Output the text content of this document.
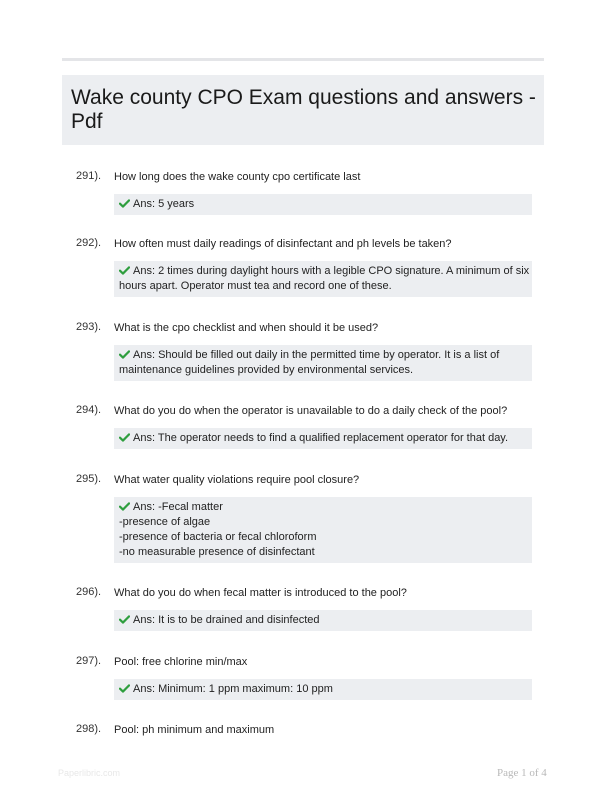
Wake county CPO Exam questions and answers - Pdf
291). How long does the wake county cpo certificate last
Ans: 5 years
292). How often must daily readings of disinfectant and ph levels be taken?
Ans: 2 times during daylight hours with a legible CPO signature. A minimum of six
hours apart. Operator must tea and record one of these.
293). What is the cpo checklist and when should it be used?
Ans: Should be filled out daily in the permitted time by operator. It is a list of
maintenance guidelines provided by environmental services.
294). What do you do when the operator is unavailable to do a daily check of the pool?
Ans: The operator needs to find a qualified replacement operator for that day.
295). What water quality violations require pool closure?
Ans: -Fecal matter
-presence of algae
-presence of bacteria or fecal chloroform
-no measurable presence of disinfectant
296). What do you do when fecal matter is introduced to the pool?
Ans: It is to be drained and disinfected
297). Pool: free chlorine min/max
Ans: Minimum: 1 ppm maximum: 10 ppm
298). Pool: ph minimum and maximum
Paperlibric.com	Page 1 of 4
